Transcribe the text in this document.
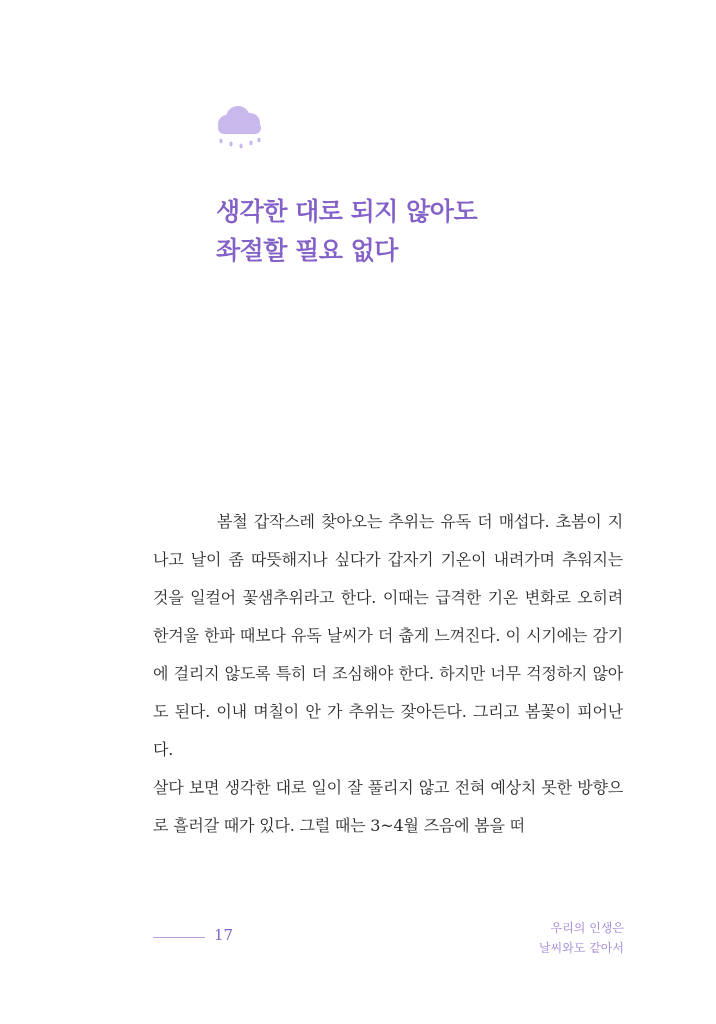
생각한 대로 되지 않아도
좌절할 필요 없다

봄철 갑작스레 찾아오는 추위는 유독 더 매섭다. 초봄이 지나고 날이 좀 따뜻해지나 싶다가 갑자기 기온이 내려가며 추워지는 것을 일컬어 꽃샘추위라고 한다. 이때는 급격한 기온 변화로 오히려 한겨울 한파 때보다 유독 날씨가 더 춥게 느껴진다. 이 시기에는 감기에 걸리지 않도록 특히 더 조심해야 한다. 하지만 너무 걱정하지 않아도 된다. 이내 며칠이 안 가 추위는 잦아든다. 그리고 봄꽃이 피어난다.

살다 보면 생각한 대로 일이 잘 풀리지 않고 전혀 예상치 못한 방향으로 흘러갈 때가 있다. 그럴 때는 3~4월 즈음에 봄을 떠

17	우리의 인생은
날씨와도 같아서
